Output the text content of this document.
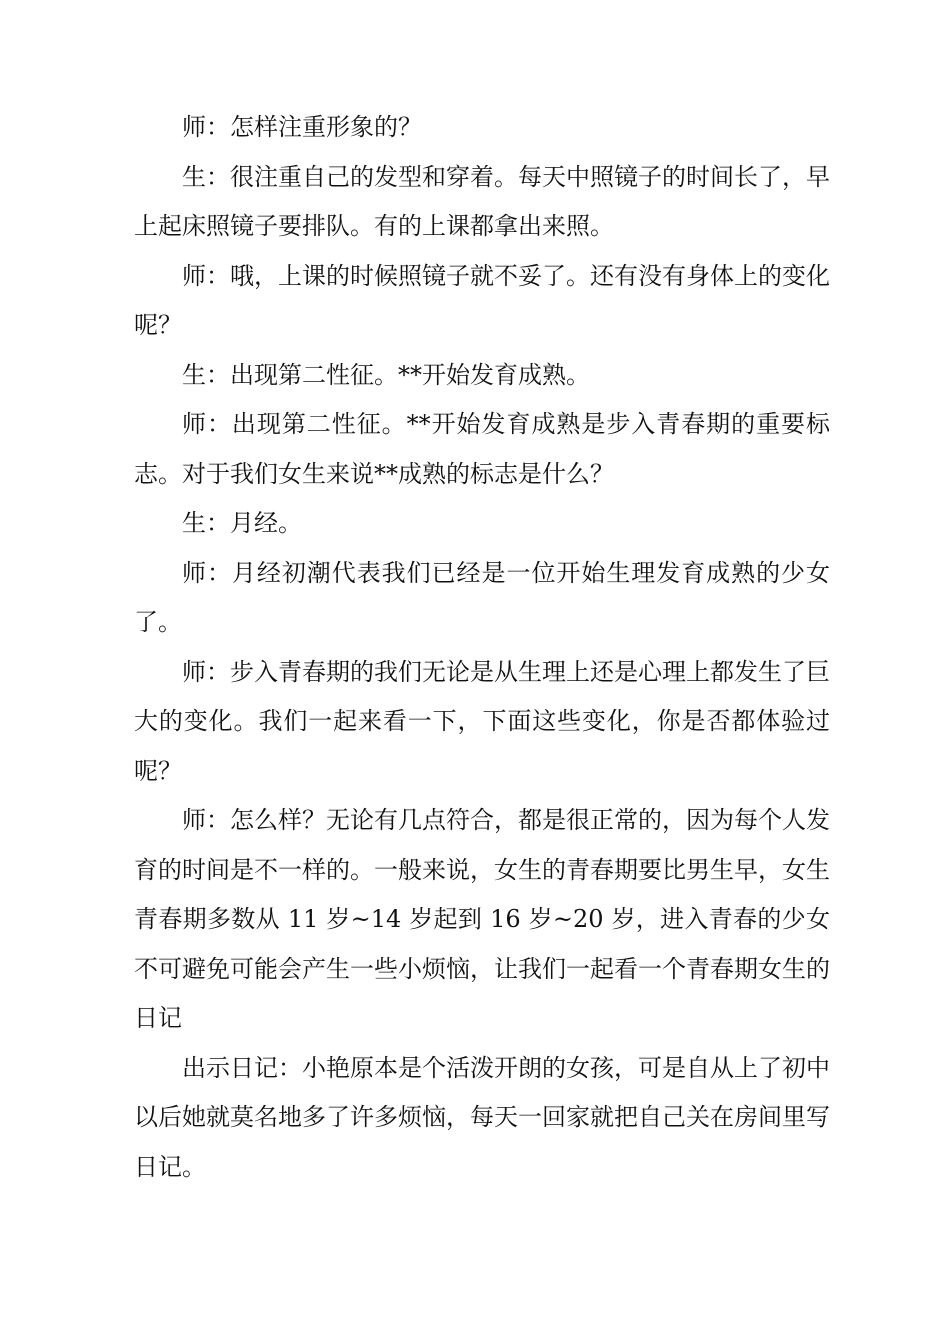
师：怎样注重形象的？

生：很注重自己的发型和穿着。每天中照镜子的时间长了，早上起床照镜子要排队。有的上课都拿出来照。

师：哦，上课的时候照镜子就不妥了。还有没有身体上的变化呢？

生：出现第二性征。**开始发育成熟。

师：出现第二性征。**开始发育成熟是步入青春期的重要标志。对于我们女生来说**成熟的标志是什么？

生：月经。

师：月经初潮代表我们已经是一位开始生理发育成熟的少女了。

师：步入青春期的我们无论是从生理上还是心理上都发生了巨大的变化。我们一起来看一下，下面这些变化，你是否都体验过呢？

师：怎么样？无论有几点符合，都是很正常的，因为每个人发育的时间是不一样的。一般来说，女生的青春期要比男生早，女生青春期多数从 11 岁~14 岁起到 16 岁~20 岁，进入青春的少女不可避免可能会产生一些小烦恼，让我们一起看一个青春期女生的日记

出示日记：小艳原本是个活泼开朗的女孩，可是自从上了初中以后她就莫名地多了许多烦恼，每天一回家就把自己关在房间里写日记。
